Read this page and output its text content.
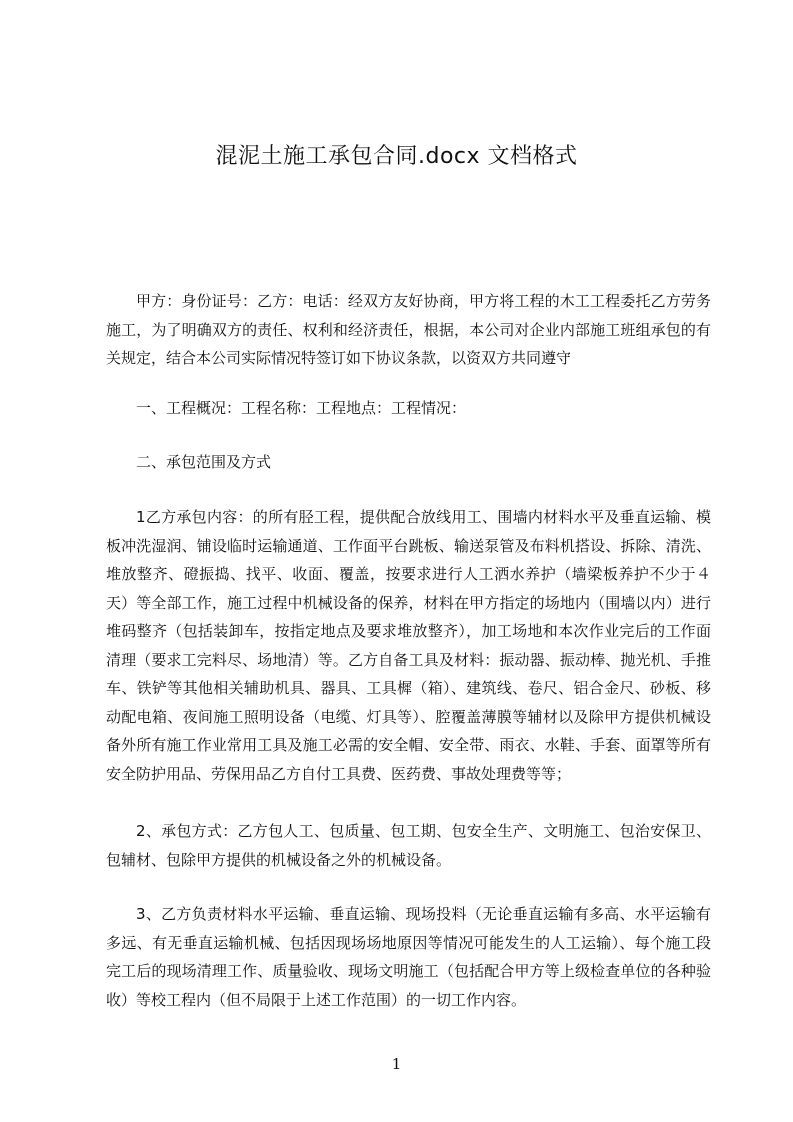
混泥土施工承包合同.docx 文档格式

甲方：身份证号：乙方：电话：经双方友好协商，甲方将工程的木工工程委托乙方劳务施工，为了明确双方的责任、权利和经济责任，根据，本公司对企业内部施工班组承包的有关规定，结合本公司实际情况特签订如下协议条款，以资双方共同遵守

一、工程概况：工程名称：工程地点：工程情况：

二、承包范围及方式

1乙方承包内容：的所有胫工程，提供配合放线用工、围墙内材料水平及垂直运输、模板冲洗湿润、铺设临时运输通道、工作面平台跳板、输送泵管及布料机搭设、拆除、清洗、堆放整齐、磴振捣、找平、收面、覆盖，按要求进行人工洒水养护（墙梁板养护不少于４天）等全部工作，施工过程中机械设备的保养，材料在甲方指定的场地内（围墙以内）进行堆码整齐（包括装卸车，按指定地点及要求堆放整齐），加工场地和本次作业完后的工作面清理（要求工完料尽、场地清）等。乙方自备工具及材料：振动器、振动棒、抛光机、手推车、铁铲等其他相关辅助机具、器具、工具樨（箱）、建筑线、卷尺、铝合金尺、砂板、移动配电箱、夜间施工照明设备（电缆、灯具等）、腔覆盖薄膜等辅材以及除甲方提供机械设备外所有施工作业常用工具及施工必需的安全帽、安全带、雨衣、水鞋、手套、面罩等所有安全防护用品、劳保用品乙方自付工具费、医药费、事故处理费等等；

2、承包方式：乙方包人工、包质量、包工期、包安全生产、文明施工、包治安保卫、包辅材、包除甲方提供的机械设备之外的机械设备。

3、乙方负责材料水平运输、垂直运输、现场投料（无论垂直运输有多高、水平运输有多远、有无垂直运输机械、包括因现场场地原因等情况可能发生的人工运输）、每个施工段完工后的现场清理工作、质量验收、现场文明施工（包括配合甲方等上级检查单位的各种验收）等校工程内（但不局限于上述工作范围）的一切工作内容。

1
